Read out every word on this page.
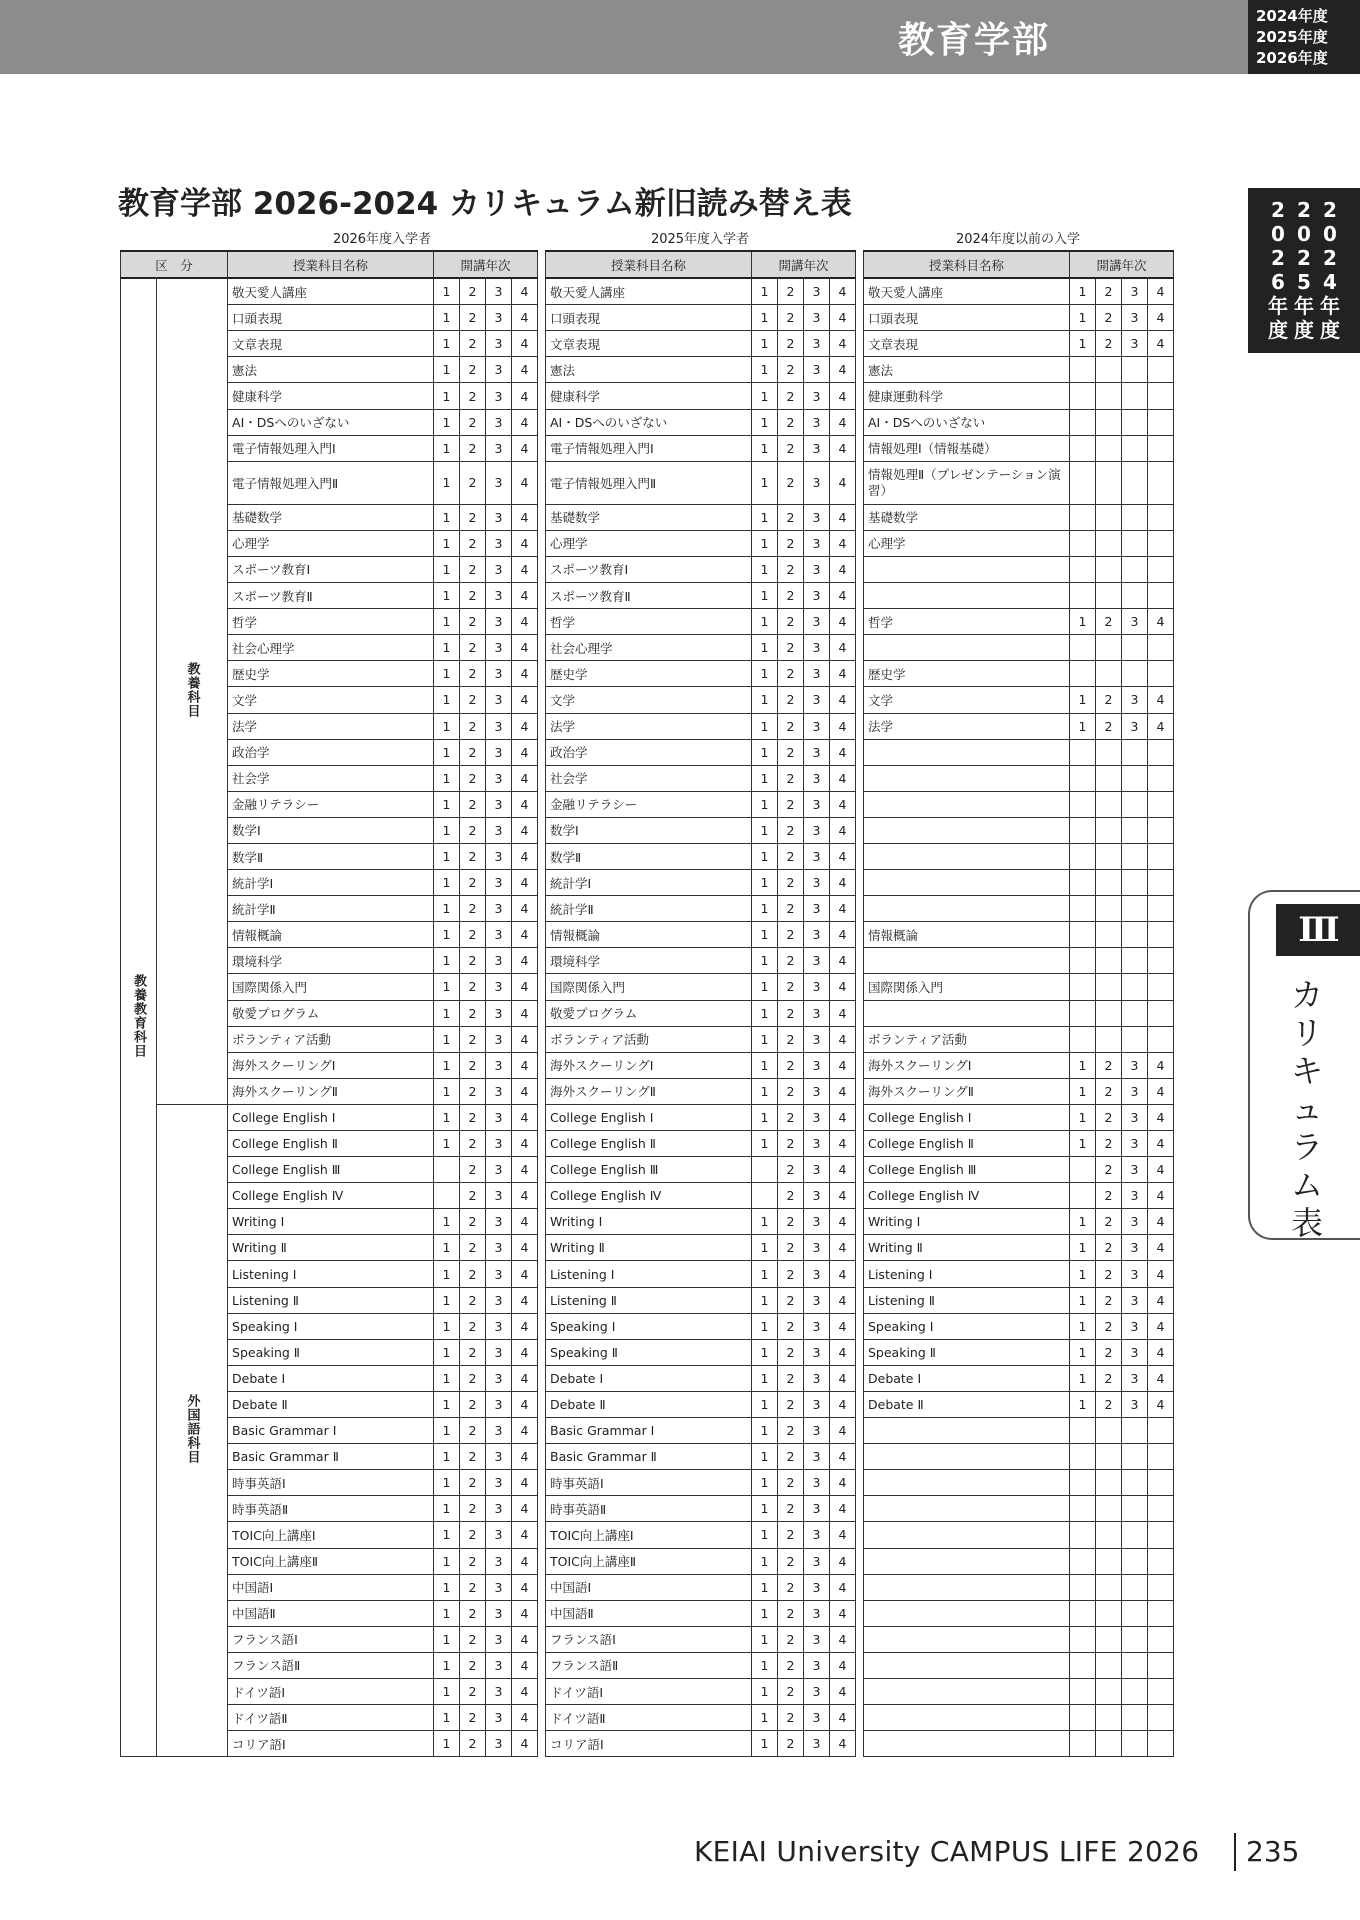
教育学部
2024年度
2025年度
2026年度
2
0
2
6
年
度
2
0
2
5
年
度
2
0
2
4
年
度
Ⅲ
カリキュラム表
教育学部 2026-2024 カリキュラム新旧読み替え表
2026年度入学者	2025年度入学者	2024年度以前の入学
区　分		授業科目名称	開講年次			
教養教育科目	教養科目	敬天愛人講座	1	2	3	4
		口頭表現	1	2	3	4
		文章表現	1	2	3	4
		憲法	1	2	3	4
		健康科学	1	2	3	4
		AI・DSへのいざない	1	2	3	4
		電子情報処理入門Ⅰ	1	2	3	4
		電子情報処理入門Ⅱ	1	2	3	4
		基礎数学	1	2	3	4
		心理学	1	2	3	4
		スポーツ教育Ⅰ	1	2	3	4
		スポーツ教育Ⅱ	1	2	3	4
		哲学	1	2	3	4
		社会心理学	1	2	3	4
		歴史学	1	2	3	4
		文学	1	2	3	4
		法学	1	2	3	4
		政治学	1	2	3	4
		社会学	1	2	3	4
		金融リテラシー	1	2	3	4
		数学Ⅰ	1	2	3	4
		数学Ⅱ	1	2	3	4
		統計学Ⅰ	1	2	3	4
		統計学Ⅱ	1	2	3	4
		情報概論	1	2	3	4
		環境科学	1	2	3	4
		国際関係入門	1	2	3	4
		敬愛プログラム	1	2	3	4
		ボランティア活動	1	2	3	4
		海外スクーリングⅠ	1	2	3	4
		海外スクーリングⅡ	1	2	3	4
	外国語科目	College English Ⅰ	1	2	3	4
		College English Ⅱ	1	2	3	4
		College English Ⅲ		2	3	4
		College English Ⅳ		2	3	4
		Writing Ⅰ	1	2	3	4
		Writing Ⅱ	1	2	3	4
		Listening Ⅰ	1	2	3	4
		Listening Ⅱ	1	2	3	4
		Speaking Ⅰ	1	2	3	4
		Speaking Ⅱ	1	2	3	4
		Debate Ⅰ	1	2	3	4
		Debate Ⅱ	1	2	3	4
		Basic Grammar Ⅰ	1	2	3	4
		Basic Grammar Ⅱ	1	2	3	4
		時事英語Ⅰ	1	2	3	4
		時事英語Ⅱ	1	2	3	4
		TOIC向上講座Ⅰ	1	2	3	4
		TOIC向上講座Ⅱ	1	2	3	4
		中国語Ⅰ	1	2	3	4
		中国語Ⅱ	1	2	3	4
		フランス語Ⅰ	1	2	3	4
		フランス語Ⅱ	1	2	3	4
		ドイツ語Ⅰ	1	2	3	4
		ドイツ語Ⅱ	1	2	3	4
		コリア語Ⅰ	1	2	3	4
授業科目名称	開講年次			
敬天愛人講座	1	2	3	4
口頭表現	1	2	3	4
文章表現	1	2	3	4
憲法	1	2	3	4
健康科学	1	2	3	4
AI・DSへのいざない	1	2	3	4
電子情報処理入門Ⅰ	1	2	3	4
電子情報処理入門Ⅱ	1	2	3	4
基礎数学	1	2	3	4
心理学	1	2	3	4
スポーツ教育Ⅰ	1	2	3	4
スポーツ教育Ⅱ	1	2	3	4
哲学	1	2	3	4
社会心理学	1	2	3	4
歴史学	1	2	3	4
文学	1	2	3	4
法学	1	2	3	4
政治学	1	2	3	4
社会学	1	2	3	4
金融リテラシー	1	2	3	4
数学Ⅰ	1	2	3	4
数学Ⅱ	1	2	3	4
統計学Ⅰ	1	2	3	4
統計学Ⅱ	1	2	3	4
情報概論	1	2	3	4
環境科学	1	2	3	4
国際関係入門	1	2	3	4
敬愛プログラム	1	2	3	4
ボランティア活動	1	2	3	4
海外スクーリングⅠ	1	2	3	4
海外スクーリングⅡ	1	2	3	4
College English Ⅰ	1	2	3	4
College English Ⅱ	1	2	3	4
College English Ⅲ		2	3	4
College English Ⅳ		2	3	4
Writing Ⅰ	1	2	3	4
Writing Ⅱ	1	2	3	4
Listening Ⅰ	1	2	3	4
Listening Ⅱ	1	2	3	4
Speaking Ⅰ	1	2	3	4
Speaking Ⅱ	1	2	3	4
Debate Ⅰ	1	2	3	4
Debate Ⅱ	1	2	3	4
Basic Grammar Ⅰ	1	2	3	4
Basic Grammar Ⅱ	1	2	3	4
時事英語Ⅰ	1	2	3	4
時事英語Ⅱ	1	2	3	4
TOIC向上講座Ⅰ	1	2	3	4
TOIC向上講座Ⅱ	1	2	3	4
中国語Ⅰ	1	2	3	4
中国語Ⅱ	1	2	3	4
フランス語Ⅰ	1	2	3	4
フランス語Ⅱ	1	2	3	4
ドイツ語Ⅰ	1	2	3	4
ドイツ語Ⅱ	1	2	3	4
コリア語Ⅰ	1	2	3	4
授業科目名称	開講年次			
敬天愛人講座	1	2	3	4
口頭表現	1	2	3	4
文章表現	1	2	3	4
憲法				
健康運動科学				
AI・DSへのいざない				
情報処理Ⅰ（情報基礎）				
情報処理Ⅱ（プレゼンテーション演習）				
基礎数学				
心理学				

哲学	1	2	3	4

歴史学				
文学	1	2	3	4
法学	1	2	3	4

情報概論				

国際関係入門				

ボランティア活動				
海外スクーリングⅠ	1	2	3	4
海外スクーリングⅡ	1	2	3	4
College English Ⅰ	1	2	3	4
College English Ⅱ	1	2	3	4
College English Ⅲ		2	3	4
College English Ⅳ		2	3	4
Writing Ⅰ	1	2	3	4
Writing Ⅱ	1	2	3	4
Listening Ⅰ	1	2	3	4
Listening Ⅱ	1	2	3	4
Speaking Ⅰ	1	2	3	4
Speaking Ⅱ	1	2	3	4
Debate Ⅰ	1	2	3	4
Debate Ⅱ	1	2	3	4

KEIAI University CAMPUS LIFE 2026 235
